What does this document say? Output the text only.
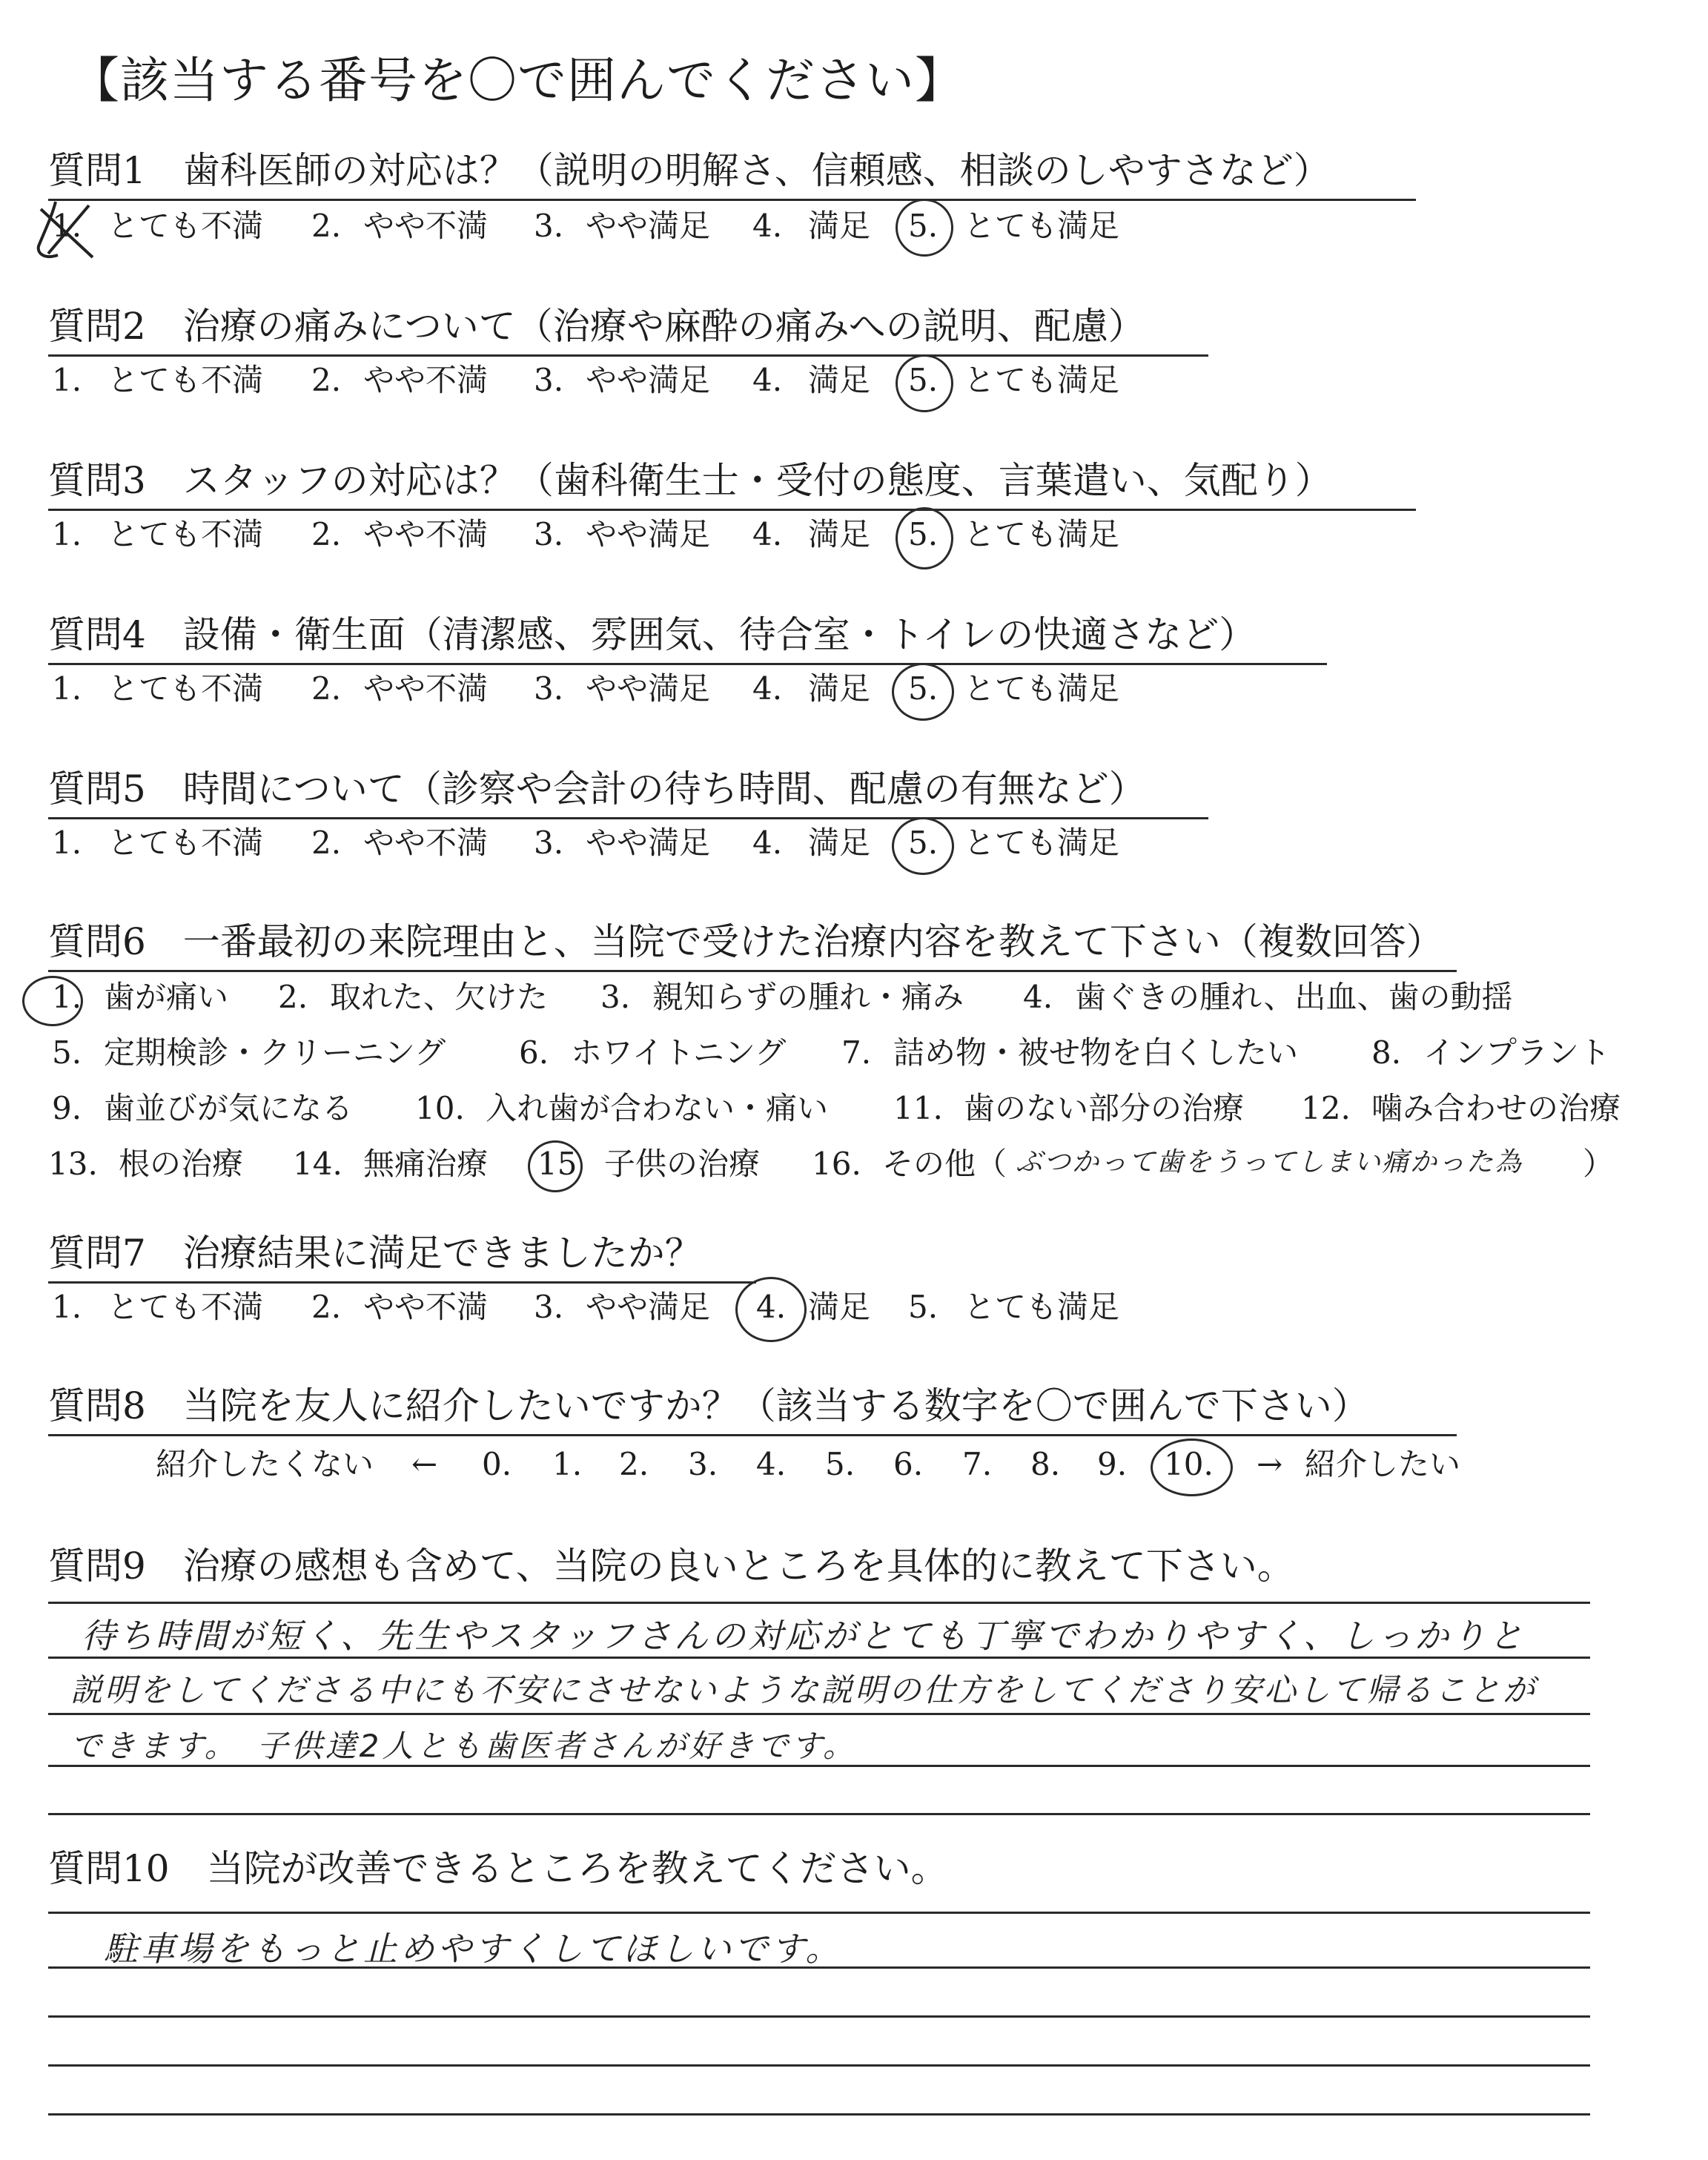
【該当する番号を〇で囲んでください】
質問1　歯科医師の対応は？（説明の明解さ、信頼感、相談のしやすさなど）
1. とても不満 2. やや不満 3. やや満足 4. 満足 5. とても満足
質問2　治療の痛みについて（治療や麻酔の痛みへの説明、配慮）
1. とても不満 2. やや不満 3. やや満足 4. 満足 5. とても満足
質問3　スタッフの対応は？（歯科衛生士・受付の態度、言葉遣い、気配り）
1. とても不満 2. やや不満 3. やや満足 4. 満足 5. とても満足
質問4　設備・衛生面（清潔感、雰囲気、待合室・トイレの快適さなど）
1. とても不満 2. やや不満 3. やや満足 4. 満足 5. とても満足
質問5　時間について（診察や会計の待ち時間、配慮の有無など）
1. とても不満 2. やや不満 3. やや満足 4. 満足 5. とても満足
質問6　一番最初の来院理由と、当院で受けた治療内容を教えて下さい（複数回答）
1. 歯が痛い 2. 取れた、欠けた 3. 親知らずの腫れ・痛み 4. 歯ぐきの腫れ、出血、歯の動揺
5. 定期検診・クリーニング 6. ホワイトニング 7. 詰め物・被せ物を白くしたい 8. インプラント
9. 歯並びが気になる 10. 入れ歯が合わない・痛い 11. 歯のない部分の治療 12. 噛み合わせの治療
13. 根の治療 14. 無痛治療 15 子供の治療 16. その他（ ぶつかって歯をうってしまい痛かった為 ）
質問7　治療結果に満足できましたか？
1. とても不満 2. やや不満 3. やや満足 4. 満足 5. とても満足
質問8　当院を友人に紹介したいですか？（該当する数字を〇で囲んで下さい）
紹介したくない ← 0. 1. 2. 3. 4. 5. 6. 7. 8. 9. 10. → 紹介したい
質問9　治療の感想も含めて、当院の良いところを具体的に教えて下さい。
待ち時間が短く、先生やスタッフさんの対応がとても丁寧でわかりやすく、しっかりと
説明をしてくださる中にも不安にさせないような説明の仕方をしてくださり安心して帰ることが
できます。　子供達2人とも歯医者さんが好きです。
質問10　当院が改善できるところを教えてください。
駐車場をもっと止めやすくしてほしいです。
